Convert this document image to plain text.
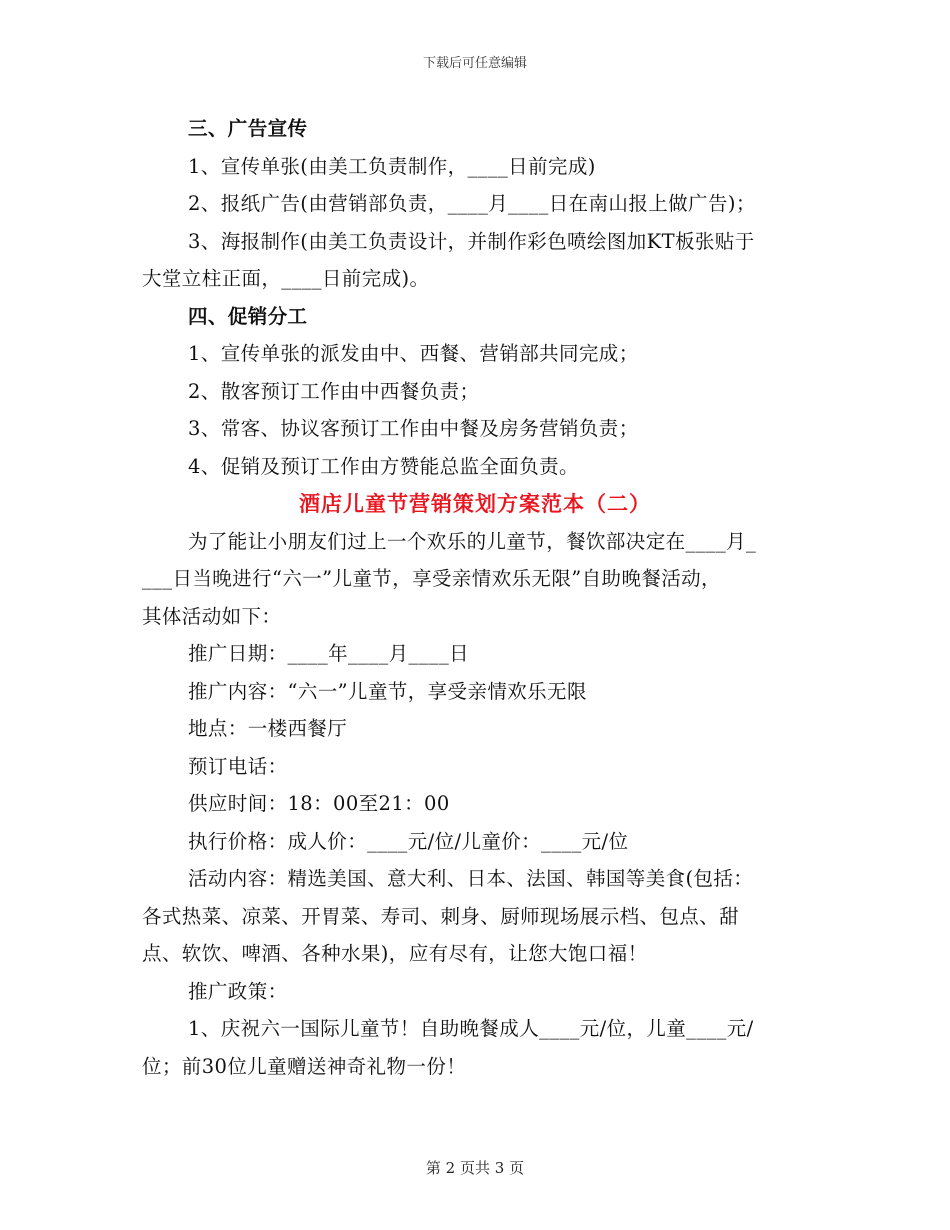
下载后可任意编辑
三、广告宣传
1、宣传单张(由美工负责制作，____日前完成)
2、报纸广告(由营销部负责，____月____日在南山报上做广告)；
3、海报制作(由美工负责设计，并制作彩色喷绘图加KT板张贴于
大堂立柱正面，____日前完成)。
四、促销分工
1、宣传单张的派发由中、西餐、营销部共同完成；
2、散客预订工作由中西餐负责；
3、常客、协议客预订工作由中餐及房务营销负责；
4、促销及预订工作由方赞能总监全面负责。
酒店儿童节营销策划方案范本（二）
为了能让小朋友们过上一个欢乐的儿童节，餐饮部决定在____月_
___日当晚进行“六一”儿童节，享受亲情欢乐无限”自助晚餐活动，
其体活动如下：
推广日期：____年____月____日
推广内容：“六一”儿童节，享受亲情欢乐无限
地点：一楼西餐厅
预订电话：
供应时间：18：00至21：00
执行价格：成人价：____元/位/儿童价：____元/位
活动内容：精选美国、意大利、日本、法国、韩国等美食(包括：
各式热菜、凉菜、开胃菜、寿司、刺身、厨师现场展示档、包点、甜
点、软饮、啤酒、各种水果)，应有尽有，让您大饱口福！
推广政策：
1、庆祝六一国际儿童节！自助晚餐成人____元/位，儿童____元/
位；前30位儿童赠送神奇礼物一份！
第 2 页共 3 页
